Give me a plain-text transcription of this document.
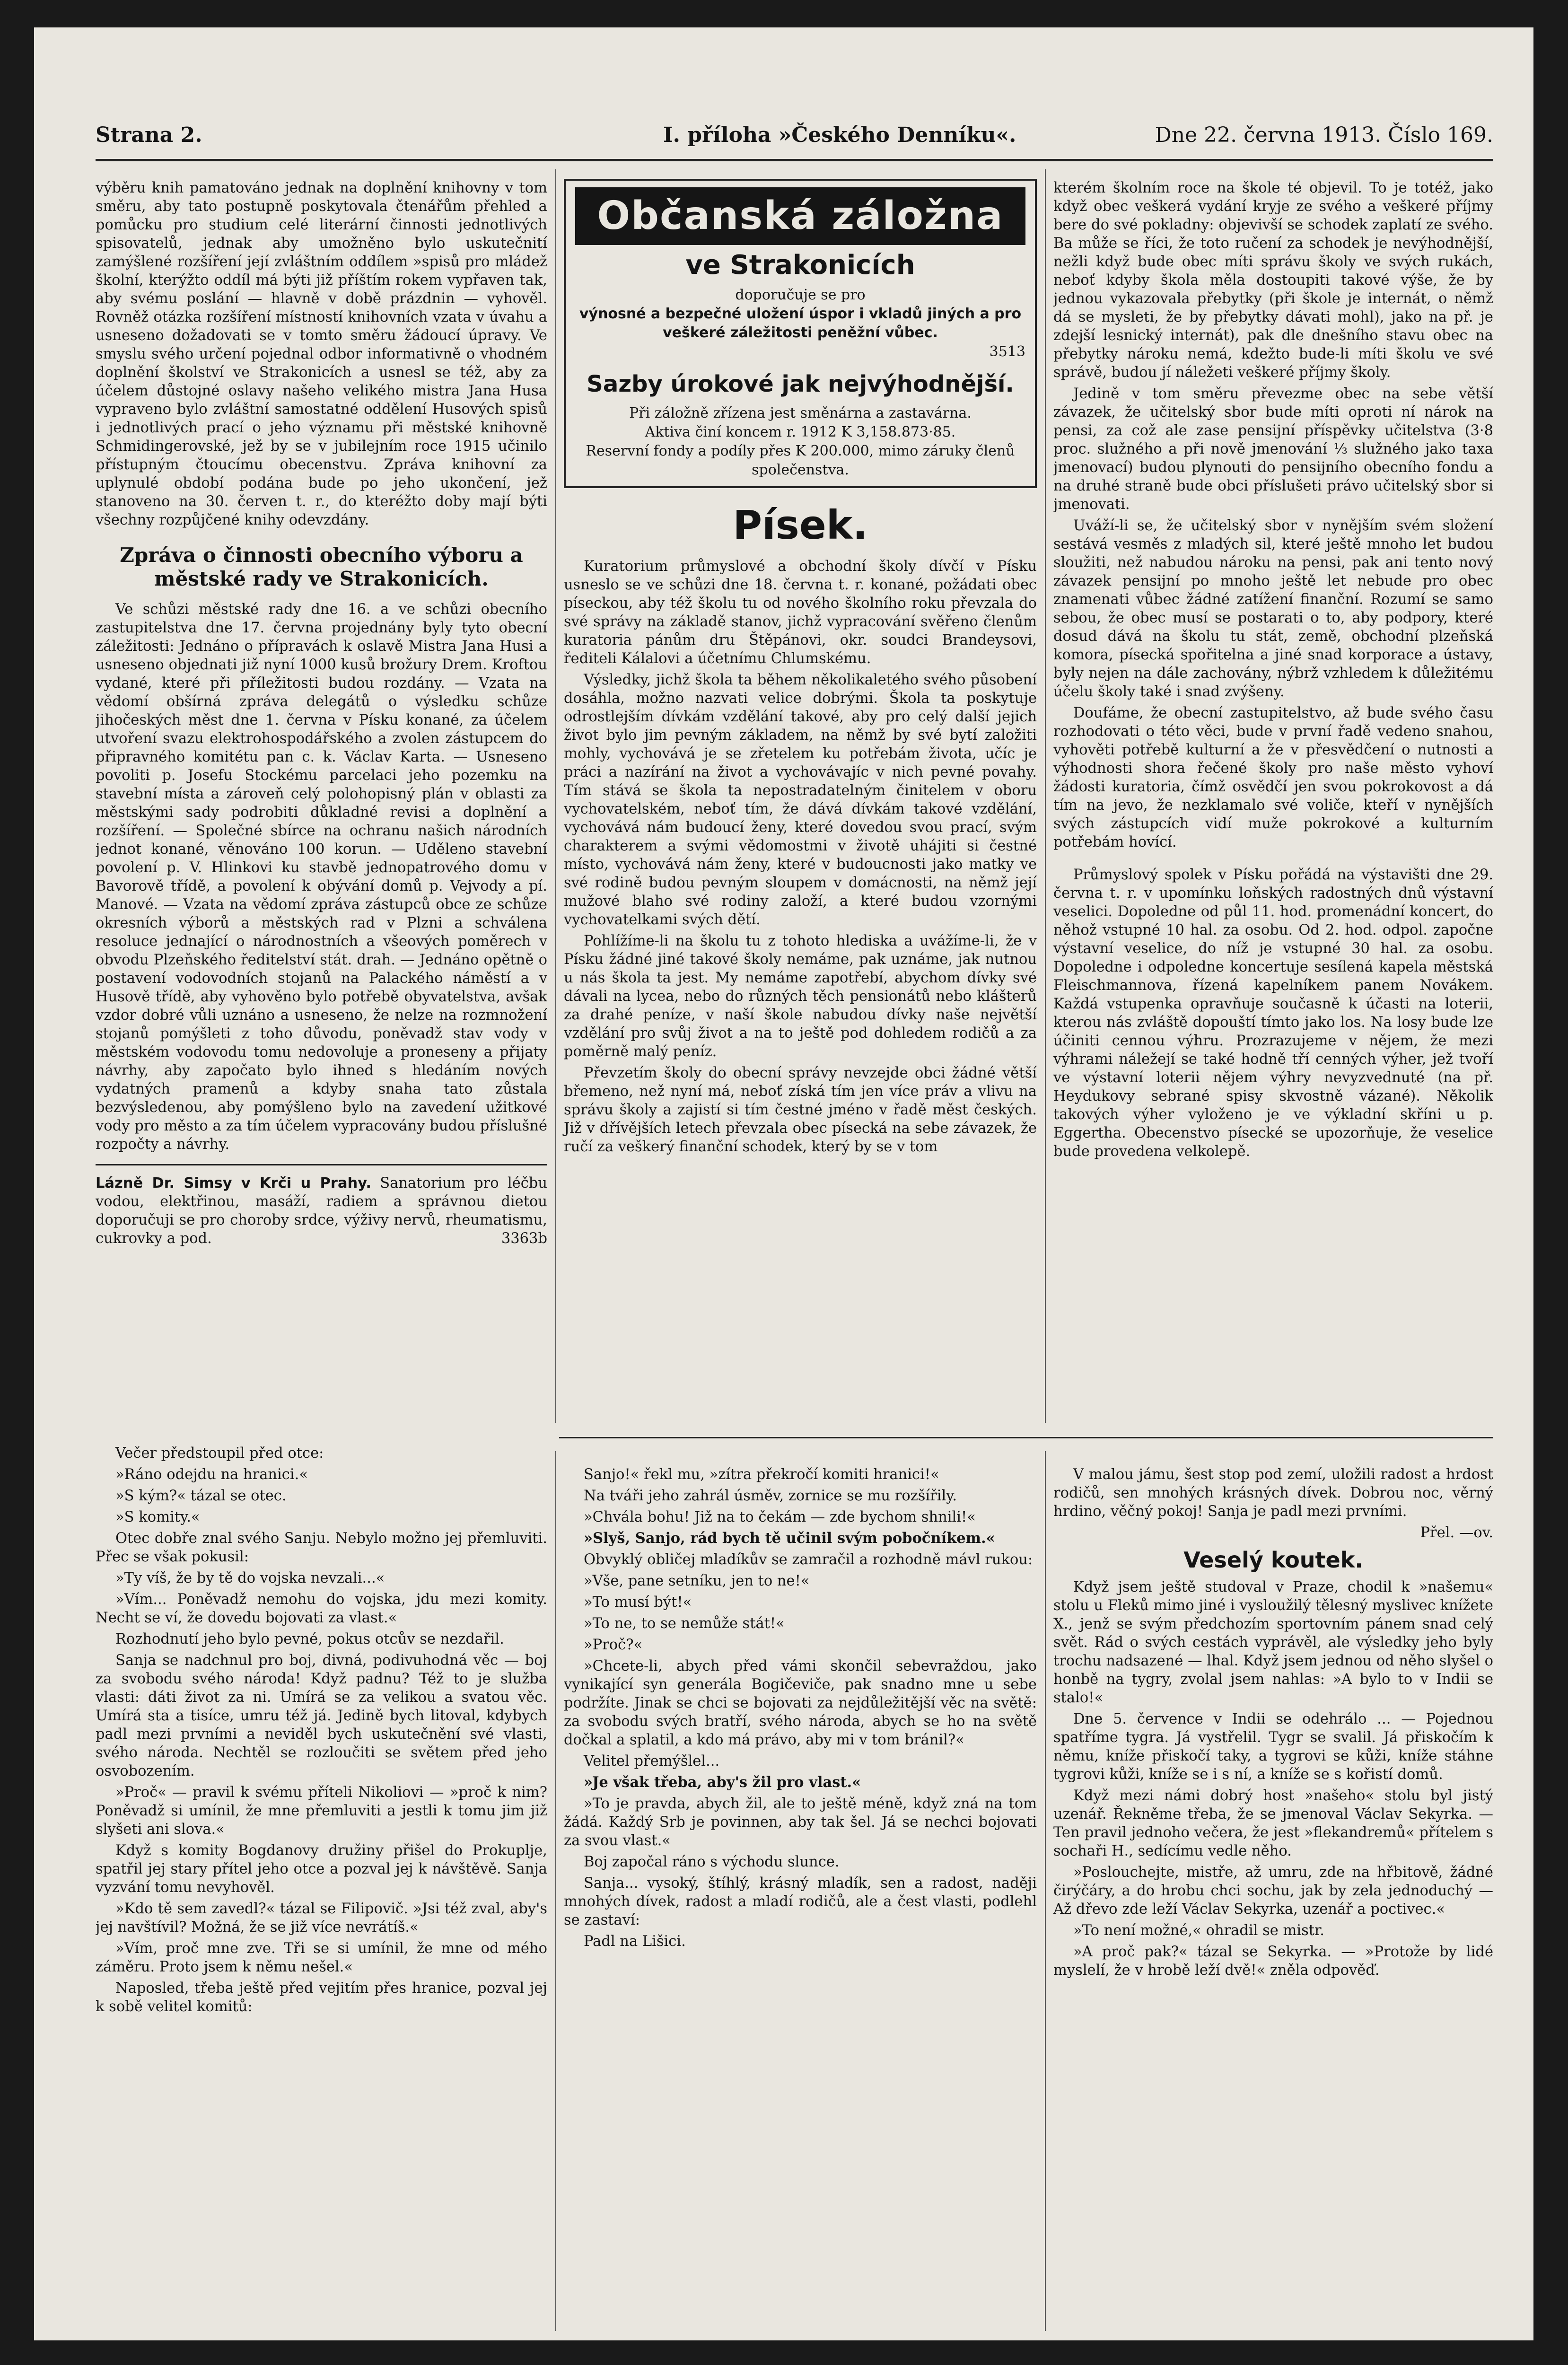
Strana 2.	I. příloha »Českého Denníku«.	Dne 22. června 1913. Číslo 169.

výběru knih pamatováno jednak na doplnění knihovny v tom směru, aby tato postupně poskytovala čtenářům přehled a pomůcku pro studium celé literární činnosti jednotlivých spisovatelů, jednak aby umožněno bylo uskutečnití zamýšlené rozšíření její zvláštním oddílem »spisů pro mládež školní, kterýžto oddíl má býti již příštím rokem vypřaven tak, aby svému poslání — hlavně v době prázdnin — vyhověl. Rovněž otázka rozšíření místností knihovních vzata v úvahu a usneseno dožadovati se v tomto směru žádoucí úpravy. Ve smyslu svého určení pojednal odbor informativně o vhodném doplnění školství ve Strakonicích a usnesl se též, aby za účelem důstojné oslavy našeho velikého mistra Jana Husa vypraveno bylo zvláštní samostatné oddělení Husových spisů i jednotlivých prací o jeho významu při městské knihovně Schmidingerovské, jež by se v jubilejním roce 1915 učinilo přístupným čtoucímu obecenstvu. Zpráva knihovní za uplynulé období podána bude po jeho ukončení, jež stanoveno na 30. červen t. r., do kteréžto doby mají býti všechny rozpůjčené knihy odevzdány.

Zpráva o činnosti obecního výboru a městské rady ve Strakonicích.

Ve schůzi městské rady dne 16. a ve schůzi obecního zastupitelstva dne 17. června projednány byly tyto obecní záležitosti: Jednáno o přípravách k oslavě Mistra Jana Husi a usneseno objednati již nyní 1000 kusů brožury Drem. Kroftou vydané, které při příležitosti budou rozdány. — Vzata na vědomí obšírná zpráva delegátů o výsledku schůze jihočeských měst dne 1. června v Písku konané, za účelem utvoření svazu elektrohospodářského a zvolen zástupcem do připravného komitétu pan c. k. Václav Karta. — Usneseno povoliti p. Josefu Stockému parcelaci jeho pozemku na stavební místa a zároveň celý polohopisný plán v oblasti za městskými sady podrobiti důkladné revisi a doplnění a rozšíření. — Společné sbírce na ochranu našich národních jednot konané, věnováno 100 korun. — Uděleno stavební povolení p. V. Hlinkovi ku stavbě jednopatrového domu v Bavorově třídě, a povolení k obývání domů p. Vejvody a pí. Manové. — Vzata na vědomí zpráva zástupců obce ze schůze okresních výborů a městských rad v Plzni a schválena resoluce jednající o národnostních a všeových poměrech v obvodu Plzeňského ředitelství stát. drah. — Jednáno opětně o postavení vodovodních stojanů na Palackého náměstí a v Husově třídě, aby vyhověno bylo potřebě obyvatelstva, avšak vzdor dobré vůli uznáno a usneseno, že nelze na rozmnožení stojanů pomýšleti z toho důvodu, poněvadž stav vody v městském vodovodu tomu nedovoluje a proneseny a přijaty návrhy, aby započato bylo ihned s hledáním nových vydatných pramenů a kdyby snaha tato zůstala bezvýsledenou, aby pomýšleno bylo na zavedení užitkové vody pro město a za tím účelem vypracovány budou příslušné rozpočty a návrhy.

Lázně Dr. Simsy v Krči u Prahy. Sanatorium pro léčbu vodou, elektřinou, masáží, radiem a správnou dietou doporučuji se pro choroby srdce, výživy nervů, rheumatismu, cukrovky a pod.	3363b
Občanská záložna
ve Strakonicích
doporučuje se pro
výnosné a bezpečné uložení úspor i vkladů jiných a pro veškeré záležitosti peněžní vůbec.
3513
Sazby úrokové jak nejvýhodnější.
Při záložně zřízena jest směnárna a zastavárna.
Aktiva činí koncem r. 1912 K 3,158.873·85.
Reservní fondy a podíly přes K 200.000, mimo záruky členů společenstva.
Písek.

Kuratorium průmyslové a obchodní školy dívčí v Písku usneslo se ve schůzi dne 18. června t. r. konané, požádati obec píseckou, aby též školu tu od nového školního roku převzala do své správy na základě stanov, jichž vypracování svěřeno členům kuratoria pánům dru Štěpánovi, okr. soudci Brandeysovi, řediteli Kálalovi a účetnímu Chlumskému.

Výsledky, jichž škola ta během několikaletého svého působení dosáhla, možno nazvati velice dobrými. Škola ta poskytuje odrostlejším dívkám vzdělání takové, aby pro celý další jejich život bylo jim pevným základem, na němž by své bytí založiti mohly, vychovává je se zřetelem ku potřebám života, učíc je práci a nazírání na život a vychovávajíc v nich pevné povahy. Tím stává se škola ta nepostradatelným činitelem v oboru vychovatelském, neboť tím, že dává dívkám takové vzdělání, vychovává nám budoucí ženy, které dovedou svou prací, svým charakterem a svými vědomostmi v životě uhájiti si čestné místo, vychovává nám ženy, které v budoucnosti jako matky ve své rodině budou pevným sloupem v domácnosti, na němž její mužové blaho své rodiny založí, a které budou vzornými vychovatelkami svých dětí.

Pohlížíme-li na školu tu z tohoto hlediska a uvážíme-li, že v Písku žádné jiné takové školy nemáme, pak uznáme, jak nutnou u nás škola ta jest. My nemáme zapotřebí, abychom dívky své dávali na lycea, nebo do různých těch pensionátů nebo klášterů za drahé peníze, v naší škole nabudou dívky naše největší vzdělání pro svůj život a na to ještě pod dohledem rodičů a za poměrně malý peníz.

Převzetím školy do obecní správy nevzejde obci žádné větší břemeno, než nyní má, neboť získá tím jen více práv a vlivu na správu školy a zajistí si tím čestné jméno v řadě měst českých. Již v dřívějších letech převzala obec písecká na sebe závazek, že ručí za veškerý finanční schodek, který by se v tom

kterém školním roce na škole té objevil. To je totéž, jako když obec veškerá vydání kryje ze svého a veškeré příjmy bere do své pokladny: objevivší se schodek zaplatí ze svého. Ba může se říci, že toto ručení za schodek je nevýhodnější, nežli když bude obec míti správu školy ve svých rukách, neboť kdyby škola měla dostoupiti takové výše, že by jednou vykazovala přebytky (při škole je internát, o němž dá se mysleti, že by přebytky dávati mohl), jako na př. je zdejší lesnický internát), pak dle dnešního stavu obec na přebytky nároku nemá, kdežto bude-li míti školu ve své správě, budou jí náležeti veškeré příjmy školy.

Jedině v tom směru převezme obec na sebe větší závazek, že učitelský sbor bude míti oproti ní nárok na pensi, za což ale zase pensijní příspěvky učitelstva (3·8 proc. služného a při nově jmenování ⅓ služného jako taxa jmenovací) budou plynouti do pensijního obecního fondu a na druhé straně bude obci příslušeti právo učitelský sbor si jmenovati.

Uváží-li se, že učitelský sbor v nynějším svém složení sestává vesměs z mladých sil, které ještě mnoho let budou sloužiti, než nabudou nároku na pensi, pak ani tento nový závazek pensijní po mnoho ještě let nebude pro obec znamenati vůbec žádné zatížení finanční. Rozumí se samo sebou, že obec musí se postarati o to, aby podpory, které dosud dává na školu tu stát, země, obchodní plzeňská komora, písecká spořitelna a jiné snad korporace a ústavy, byly nejen na dále zachovány, nýbrž vzhledem k důležitému účelu školy také i snad zvýšeny.

Doufáme, že obecní zastupitelstvo, až bude svého času rozhodovati o této věci, bude v první řadě vedeno snahou, vyhověti potřebě kulturní a že v přesvědčení o nutnosti a výhodnosti shora řečené školy pro naše město vyhoví žádosti kuratoria, čímž osvědčí jen svou pokrokovost a dá tím na jevo, že nezklamalo své voliče, kteří v nynějších svých zástupcích vidí muže pokrokové a kulturním potřebám hovící.

Průmyslový spolek v Písku pořádá na výstavišti dne 29. června t. r. v upomínku loňských radostných dnů výstavní veselici. Dopoledne od půl 11. hod. promenádní koncert, do něhož vstupné 10 hal. za osobu. Od 2. hod. odpol. započne výstavní veselice, do níž je vstupné 30 hal. za osobu. Dopoledne i odpoledne koncertuje sesílená kapela městská Fleischmannova, řízená kapelníkem panem Novákem. Každá vstupenka opravňuje současně k účasti na loterii, kterou nás zvláště dopouští tímto jako los. Na losy bude lze účiniti cennou výhru. Prozrazujeme v nějem, že mezi výhrami náležejí se také hodně tří cenných výher, jež tvoří ve výstavní loterii nějem výhry nevyzvednuté (na př. Heydukovy sebrané spisy skvostně vázané). Několik takových výher vyloženo je ve výkladní skříni u p. Eggertha. Obecenstvo písecké se upozorňuje, že veselice bude provedena velkolepě.

Večer předstoupil před otce:

»Ráno odejdu na hranici.«

»S kým?« tázal se otec.

»S komity.«

Otec dobře znal svého Sanju. Nebylo možno jej přemluviti. Přec se však pokusil:

»Ty víš, že by tě do vojska nevzali...«

»Vím... Poněvadž nemohu do vojska, jdu mezi komity. Necht se ví, že dovedu bojovati za vlast.«

Rozhodnutí jeho bylo pevné, pokus otcův se nezdařil.

Sanja se nadchnul pro boj, divná, podivuhodná věc — boj za svobodu svého národa! Když padnu? Též to je služba vlasti: dáti život za ni. Umírá se za velikou a svatou věc. Umírá sta a tisíce, umru též já. Jedině bych litoval, kdybych padl mezi prvními a neviděl bych uskutečnění své vlasti, svého národa. Nechtěl se rozloučiti se světem před jeho osvobozením.

»Proč« — pravil k svému příteli Nikoliovi — »proč k nim? Poněvadž si umínil, že mne přemluviti a jestli k tomu jim již slyšeti ani slova.«

Když s komity Bogdanovy družiny přišel do Prokuplje, spatřil jej stary přítel jeho otce a pozval jej k návštěvě. Sanja vyzvání tomu nevyhověl.

»Kdo tě sem zavedl?« tázal se Filipovič. »Jsi též zval, aby's jej navštívil? Možná, že se již více nevrátíš.«

»Vím, proč mne zve. Tři se si umínil, že mne od mého záměru. Proto jsem k němu nešel.«

Naposled, třeba ještě před vejitím přes hranice, pozval jej k sobě velitel komitů:

Sanjo!« řekl mu, »zítra překročí komiti hranici!«

Na tváři jeho zahrál úsměv, zornice se mu rozšířily.

»Chvála bohu! Již na to čekám — zde bychom shnili!«

»Slyš, Sanjo, rád bych tě učinil svým pobočníkem.«

Obvyklý obličej mladíkův se zamračil a rozhodně mávl rukou:

»Vše, pane setníku, jen to ne!«

»To musí být!«

»To ne, to se nemůže stát!«

»Proč?«

»Chcete-li, abych před vámi skončil sebevraždou, jako vynikající syn generála Bogičeviče, pak snadno mne u sebe podržíte. Jinak se chci se bojovati za nejdůležitější věc na světě: za svobodu svých bratří, svého národa, abych se ho na světě dočkal a splatil, a kdo má právo, aby mi v tom bránil?«

Velitel přemýšlel...

»Je však třeba, aby's žil pro vlast.«

»To je pravda, abych žil, ale to ještě méně, když zná na tom žádá. Každý Srb je povinnen, aby tak šel. Já se nechci bojovati za svou vlast.«

Boj započal ráno s východu slunce.

Sanja... vysoký, štíhlý, krásný mladík, sen a radost, naději mnohých dívek, radost a mladí rodičů, ale a čest vlasti, podlehl se zastaví:

Padl na Lišici.

V malou jámu, šest stop pod zemí, uložili radost a hrdost rodičů, sen mnohých krásných dívek. Dobrou noc, věrný hrdino, věčný pokoj! Sanja je padl mezi prvními.

Přel. —ov.
Veselý koutek.

Když jsem ještě studoval v Praze, chodil k »našemu« stolu u Fleků mimo jiné i vysloužilý tělesný myslivec knížete X., jenž se svým předchozím sportovním pánem snad celý svět. Rád o svých cestách vyprávěl, ale výsledky jeho byly trochu nadsazené — lhal. Když jsem jednou od něho slyšel o honbě na tygry, zvolal jsem nahlas: »A bylo to v Indii se stalo!«

Dne 5. července v Indii se odehrálo ... — Pojednou spatříme tygra. Já vystřelil. Tygr se svalil. Já přiskočím k němu, kníže přiskočí taky, a tygrovi se kůži, kníže stáhne tygrovi kůži, kníže se i s ní, a kníže se s kořistí domů.

Když mezi námi dobrý host »našeho« stolu byl jistý uzenář. Řekněme třeba, že se jmenoval Václav Sekyrka. — Ten pravil jednoho večera, že jest »flekandremů« přítelem s sochaři H., sedícímu vedle něho.

»Poslouchejte, mistře, až umru, zde na hřbitově, žádné čirýčáry, a do hrobu chci sochu, jak by zela jednoduchý — Až dřevo zde leží Václav Sekyrka, uzenář a poctivec.«

»To není možné,« ohradil se mistr.

»A proč pak?« tázal se Sekyrka. — »Protože by lidé myslelí, že v hrobě leží dvě!« zněla odpověď.
